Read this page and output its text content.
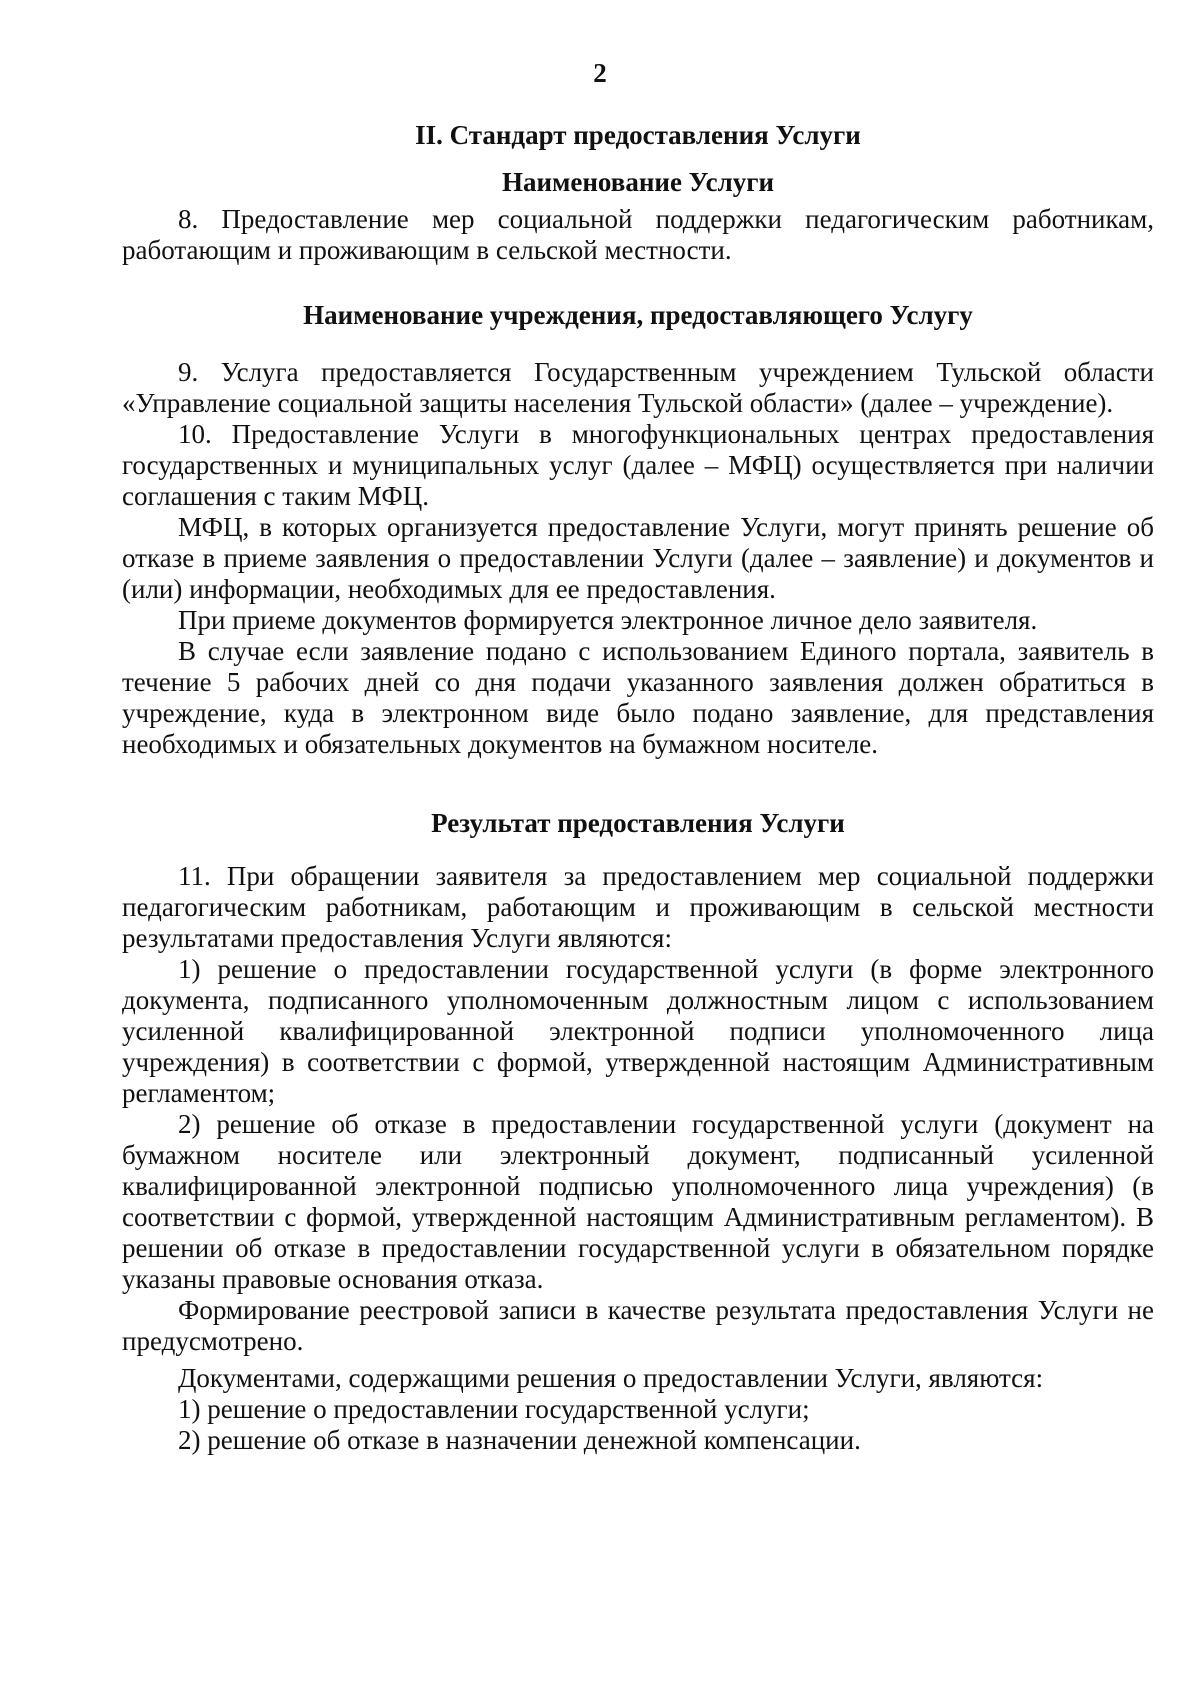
2
II. Стандарт предоставления Услуги
Наименование Услуги

8. Предоставление мер социальной поддержки педагогическим работникам, работающим и проживающим в сельской местности.

Наименование учреждения, предоставляющего Услугу

9. Услуга предоставляется Государственным учреждением Тульской области «Управление социальной защиты населения Тульской области» (далее – учреждение).

10. Предоставление Услуги в многофункциональных центрах предоставления государственных и муниципальных услуг (далее – МФЦ) осуществляется при наличии соглашения с таким МФЦ.

МФЦ, в которых организуется предоставление Услуги, могут принять решение об отказе в приеме заявления о предоставлении Услуги (далее – заявление) и документов и (или) информации, необходимых для ее предоставления.

При приеме документов формируется электронное личное дело заявителя.

В случае если заявление подано с использованием Единого портала, заявитель в течение 5 рабочих дней со дня подачи указанного заявления должен обратиться в учреждение, куда в электронном виде было подано заявление, для представления необходимых и обязательных документов на бумажном носителе.

Результат предоставления Услуги

11. При обращении заявителя за предоставлением мер социальной поддержки педагогическим работникам, работающим и проживающим в сельской местности результатами предоставления Услуги являются:

1) решение о предоставлении государственной услуги (в форме электронного документа, подписанного уполномоченным должностным лицом с использованием усиленной квалифицированной электронной подписи уполномоченного лица учреждения) в соответствии с формой, утвержденной настоящим Административным регламентом;

2) решение об отказе в предоставлении государственной услуги (документ на бумажном носителе или электронный документ, подписанный усиленной квалифицированной электронной подписью уполномоченного лица учреждения) (в соответствии с формой, утвержденной настоящим Административным регламентом). В решении об отказе в предоставлении государственной услуги в обязательном порядке указаны правовые основания отказа.

Формирование реестровой записи в качестве результата предоставления Услуги не предусмотрено.

Документами, содержащими решения о предоставлении Услуги, являются:

1) решение о предоставлении государственной услуги;

2) решение об отказе в назначении денежной компенсации.
